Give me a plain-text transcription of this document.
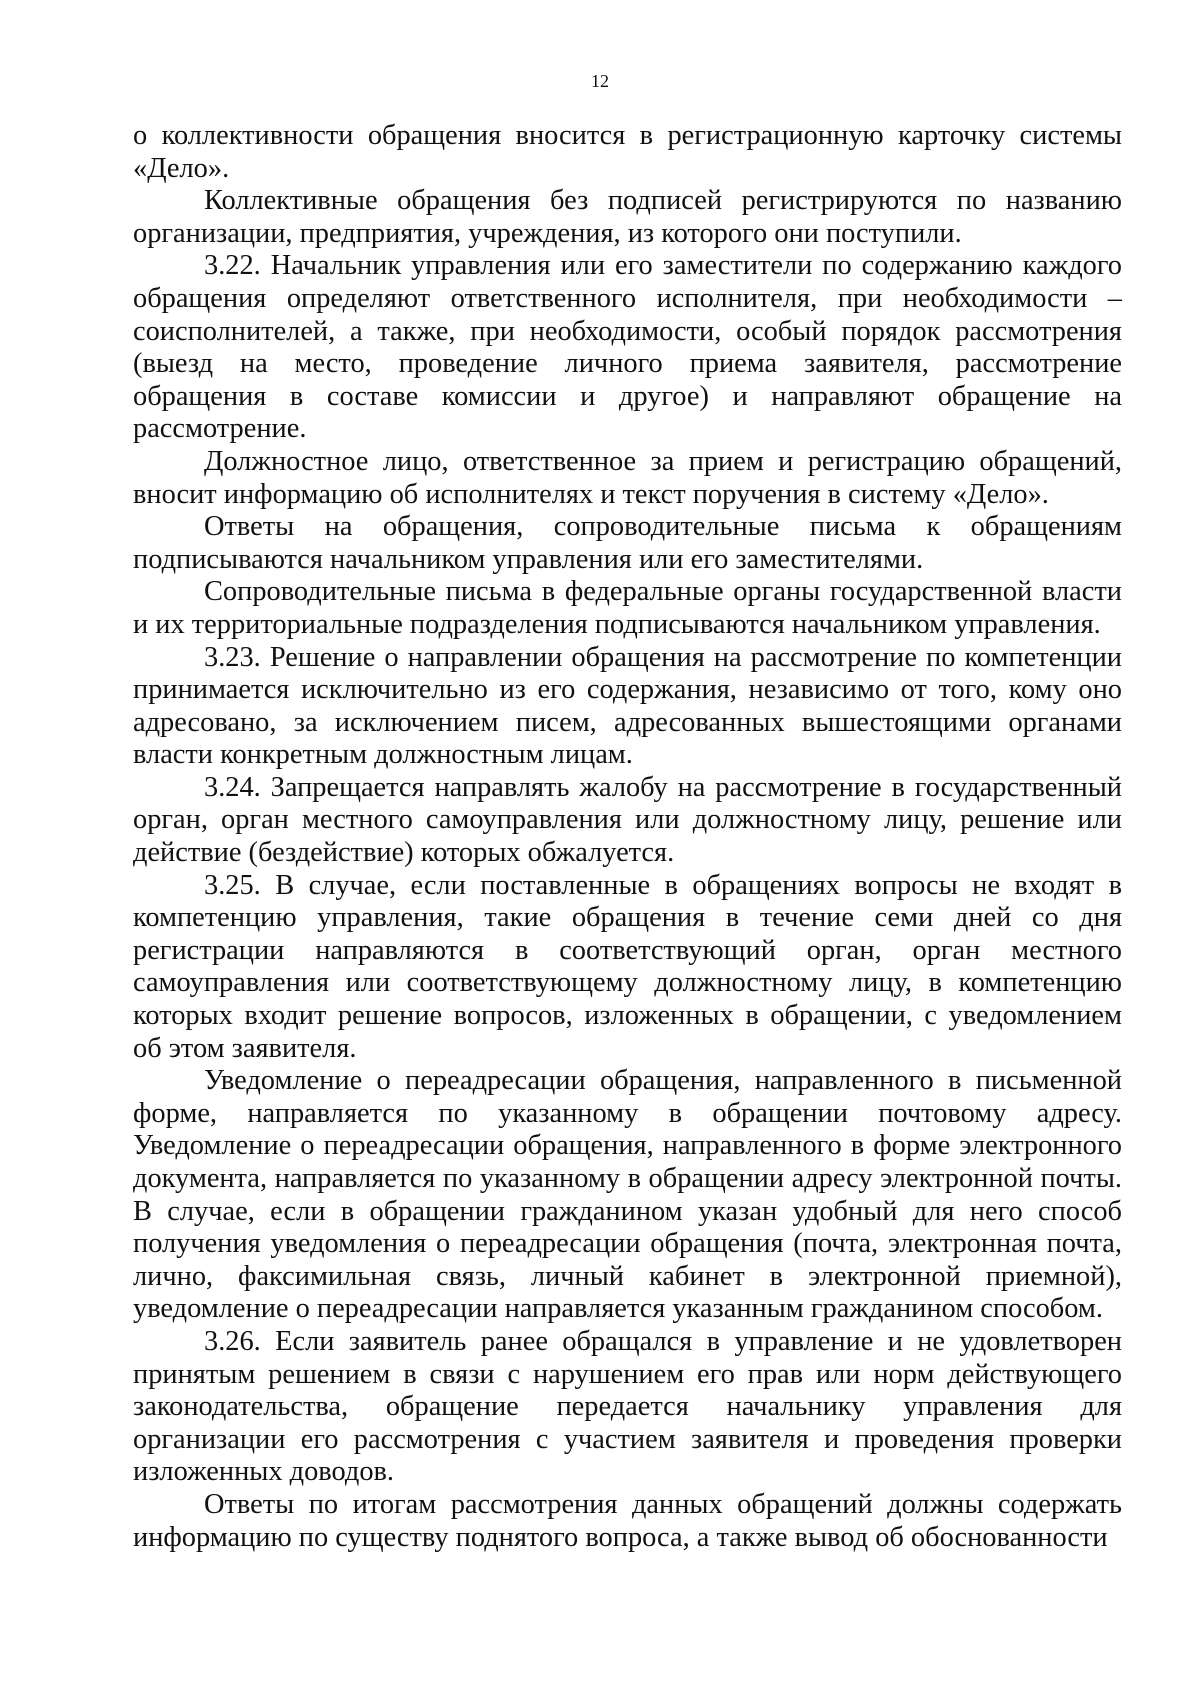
12

о коллективности обращения вносится в регистрационную карточку системы «Дело».

Коллективные обращения без подписей регистрируются по названию организации, предприятия, учреждения, из которого они поступили.

3.22. Начальник управления или его заместители по содержанию каждого обращения определяют ответственного исполнителя, при необходимости – соисполнителей, а также, при необходимости, особый порядок рассмотрения (выезд на место, проведение личного приема заявителя, рассмотрение обращения в составе комиссии и другое) и направляют обращение на рассмотрение.

Должностное лицо, ответственное за прием и регистрацию обращений, вносит информацию об исполнителях и текст поручения в систему «Дело».

Ответы на обращения, сопроводительные письма к обращениям подписываются начальником управления или его заместителями.

Сопроводительные письма в федеральные органы государственной власти и их территориальные подразделения подписываются начальником управления.

3.23. Решение о направлении обращения на рассмотрение по компетенции принимается исключительно из его содержания, независимо от того, кому оно адресовано, за исключением писем, адресованных вышестоящими органами власти конкретным должностным лицам.

3.24. Запрещается направлять жалобу на рассмотрение в государственный орган, орган местного самоуправления или должностному лицу, решение или действие (бездействие) которых обжалуется.

3.25. В случае, если поставленные в обращениях вопросы не входят в компетенцию управления, такие обращения в течение семи дней со дня регистрации направляются в соответствующий орган, орган местного самоуправления или соответствующему должностному лицу, в компетенцию которых входит решение вопросов, изложенных в обращении, с уведомлением об этом заявителя.

Уведомление о переадресации обращения, направленного в письменной форме, направляется по указанному в обращении почтовому адресу. Уведомление о переадресации обращения, направленного в форме электронного документа, направляется по указанному в обращении адресу электронной почты. В случае, если в обращении гражданином указан удобный для него способ получения уведомления о переадресации обращения (почта, электронная почта, лично, факсимильная связь, личный кабинет в электронной приемной), уведомление о переадресации направляется указанным гражданином способом.

3.26. Если заявитель ранее обращался в управление и не удовлетворен принятым решением в связи с нарушением его прав или норм действующего законодательства, обращение передается начальнику управления для организации его рассмотрения с участием заявителя и проведения проверки изложенных доводов.

Ответы по итогам рассмотрения данных обращений должны содержать информацию по существу поднятого вопроса, а также вывод об обоснованности
